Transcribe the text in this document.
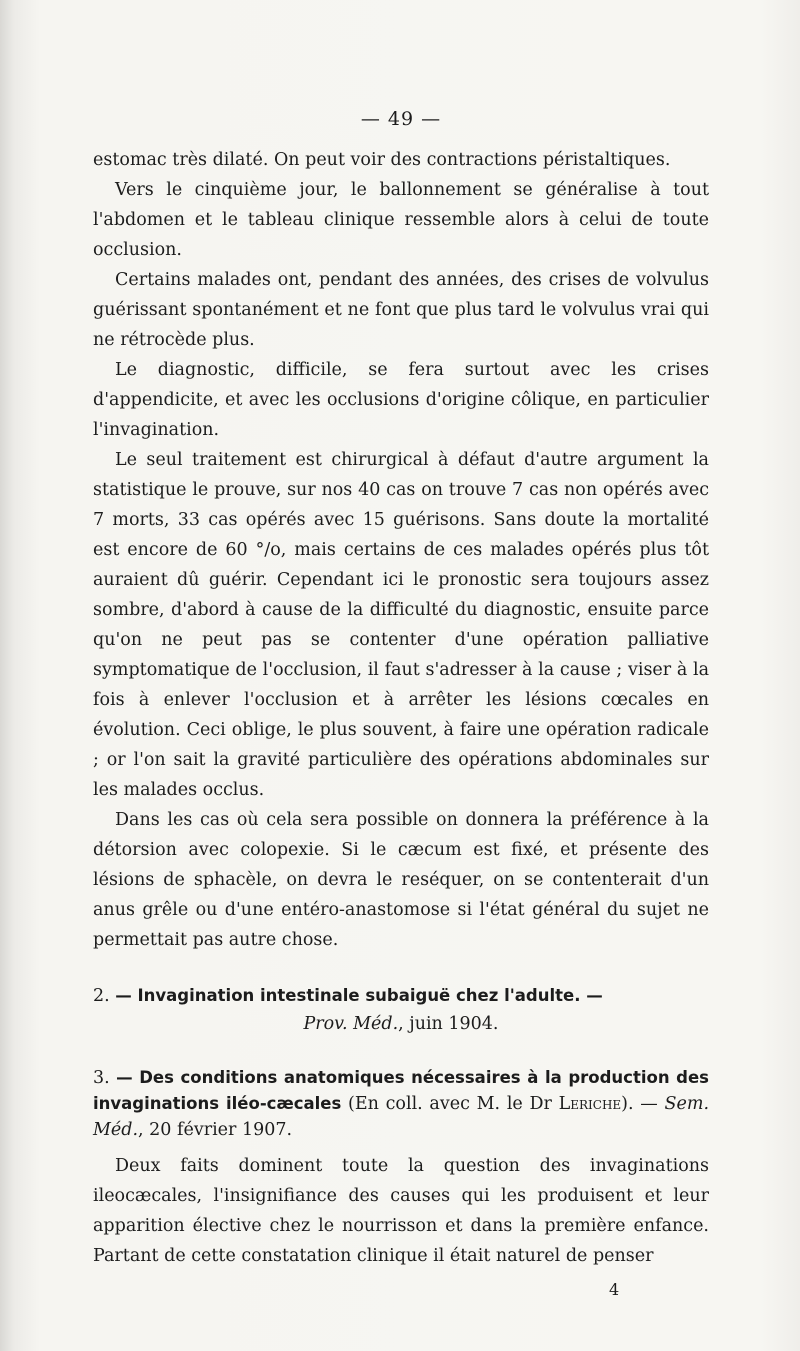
— 49 —

estomac très dilaté. On peut voir des contractions péristaltiques.

Vers le cinquième jour, le ballonnement se généralise à tout l'abdomen et le tableau clinique ressemble alors à celui de toute occlusion.

Certains malades ont, pendant des années, des crises de volvulus guérissant spontanément et ne font que plus tard le volvulus vrai qui ne rétrocède plus.

Le diagnostic, difficile, se fera surtout avec les crises d'appendicite, et avec les occlusions d'origine côlique, en particulier l'invagination.

Le seul traitement est chirurgical à défaut d'autre argument la statistique le prouve, sur nos 40 cas on trouve 7 cas non opérés avec 7 morts, 33 cas opérés avec 15 guérisons. Sans doute la mortalité est encore de 60 °/o, mais certains de ces malades opérés plus tôt auraient dû guérir. Cependant ici le pronostic sera toujours assez sombre, d'abord à cause de la difficulté du diagnostic, ensuite parce qu'on ne peut pas se contenter d'une opération palliative symptomatique de l'occlusion, il faut s'adresser à la cause ; viser à la fois à enlever l'occlusion et à arrêter les lésions cœcales en évolution. Ceci oblige, le plus souvent, à faire une opération radicale ; or l'on sait la gravité particulière des opérations abdominales sur les malades occlus.

Dans les cas où cela sera possible on donnera la préférence à la détorsion avec colopexie. Si le cæcum est fixé, et présente des lésions de sphacèle, on devra le reséquer, on se contenterait d'un anus grêle ou d'une entéro-anastomose si l'état général du sujet ne permettait pas autre chose.

2. — Invagination intestinale subaiguë chez l'adulte. —
Prov. Méd., juin 1904.
3. — Des conditions anatomiques nécessaires à la production des invaginations iléo-cæcales (En coll. avec M. le Dr Leriche). — Sem. Méd., 20 février 1907.

Deux faits dominent toute la question des invaginations ileocæcales, l'insignifiance des causes qui les produisent et leur apparition élective chez le nourrisson et dans la première enfance. Partant de cette constatation clinique il était naturel de penser

4
